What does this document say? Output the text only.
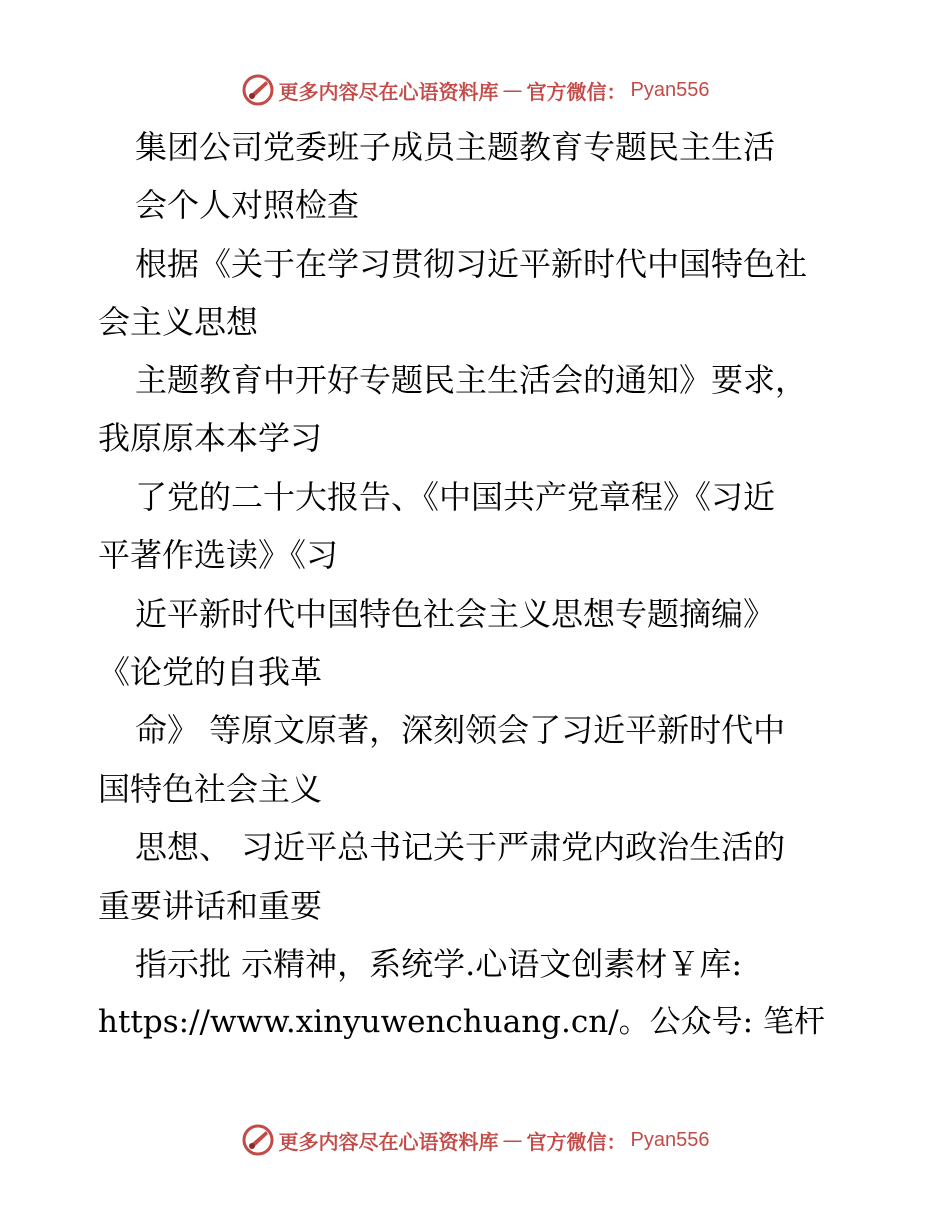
更多内容尽在心语资料库 — 官方微信： Pyan556
集团公司党委班子成员主题教育专题民主生活
会个人对照检查
根据《关于在学习贯彻习近平新时代中国特色社
会主义思想
主题教育中开好专题民主生活会的通知》要求，
我原原本本学习
了党的二十大报告、《中国共产党章程》《习近
平著作选读》《习
近平新时代中国特色社会主义思想专题摘编》
《论党的自我革
命》 等原文原著，深刻领会了习近平新时代中
国特色社会主义
思想、 习近平总书记关于严肃党内政治生活的
重要讲话和重要
指示批 示精神，系统学.心语文创素材￥库:
https://www.xinyuwenchuang.cn/。公众号: 笔杆
更多内容尽在心语资料库 — 官方微信： Pyan556
